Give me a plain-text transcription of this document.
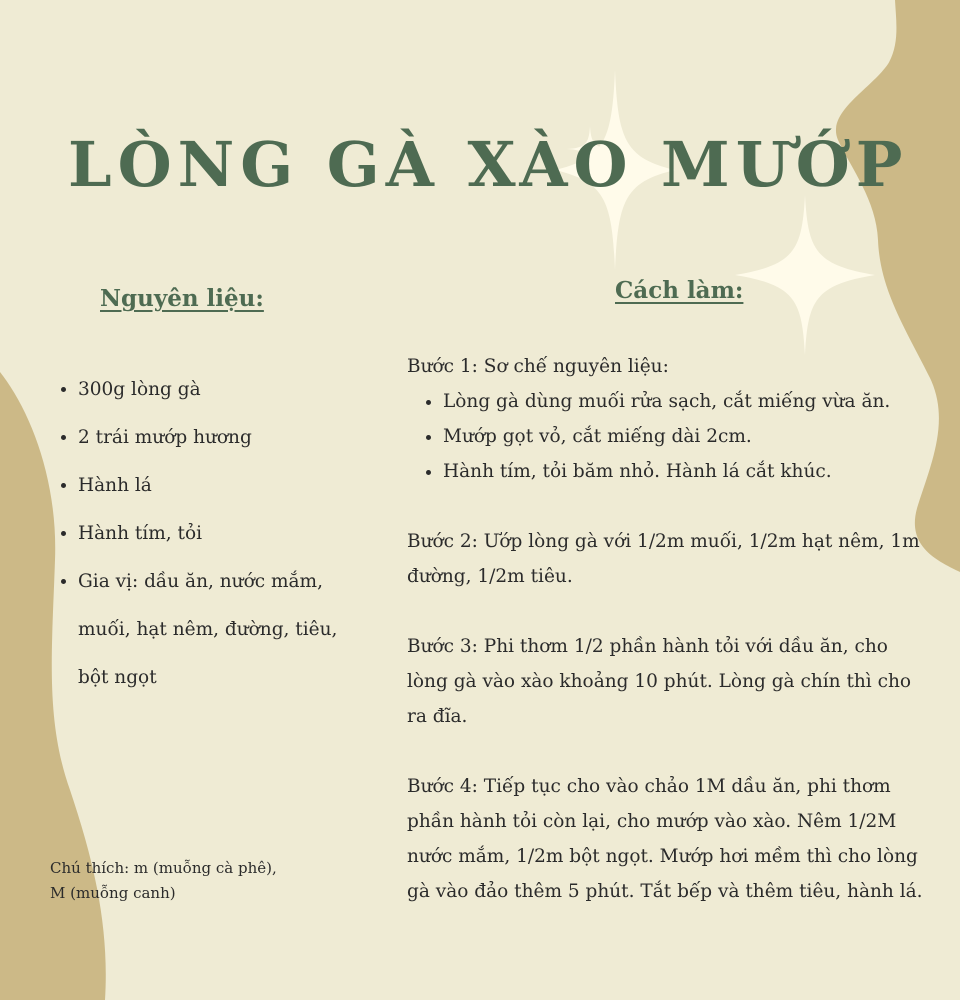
LÒNG GÀ XÀO MƯỚP
Nguyên liệu:
• 300g lòng gà
• 2 trái mướp hương
• Hành lá
• Hành tím, tỏi
• Gia vị: dầu ăn, nước mắm, muối, hạt nêm, đường, tiêu, bột ngọt
Chú thích: m (muỗng cà phê),
M (muỗng canh)
Cách làm:

Bước 1: Sơ chế nguyên liệu:

• Lòng gà dùng muối rửa sạch, cắt miếng vừa ăn.
• Mướp gọt vỏ, cắt miếng dài 2cm.
• Hành tím, tỏi băm nhỏ. Hành lá cắt khúc.

Bước 2: Ướp lòng gà với 1/2m muối, 1/2m hạt nêm, 1m đường, 1/2m tiêu.

Bước 3: Phi thơm 1/2 phần hành tỏi với dầu ăn, cho lòng gà vào xào khoảng 10 phút. Lòng gà chín thì cho ra đĩa.

Bước 4: Tiếp tục cho vào chảo 1M dầu ăn, phi thơm phần hành tỏi còn lại, cho mướp vào xào. Nêm 1/2M nước mắm, 1/2m bột ngọt. Mướp hơi mềm thì cho lòng gà vào đảo thêm 5 phút. Tắt bếp và thêm tiêu, hành lá.
